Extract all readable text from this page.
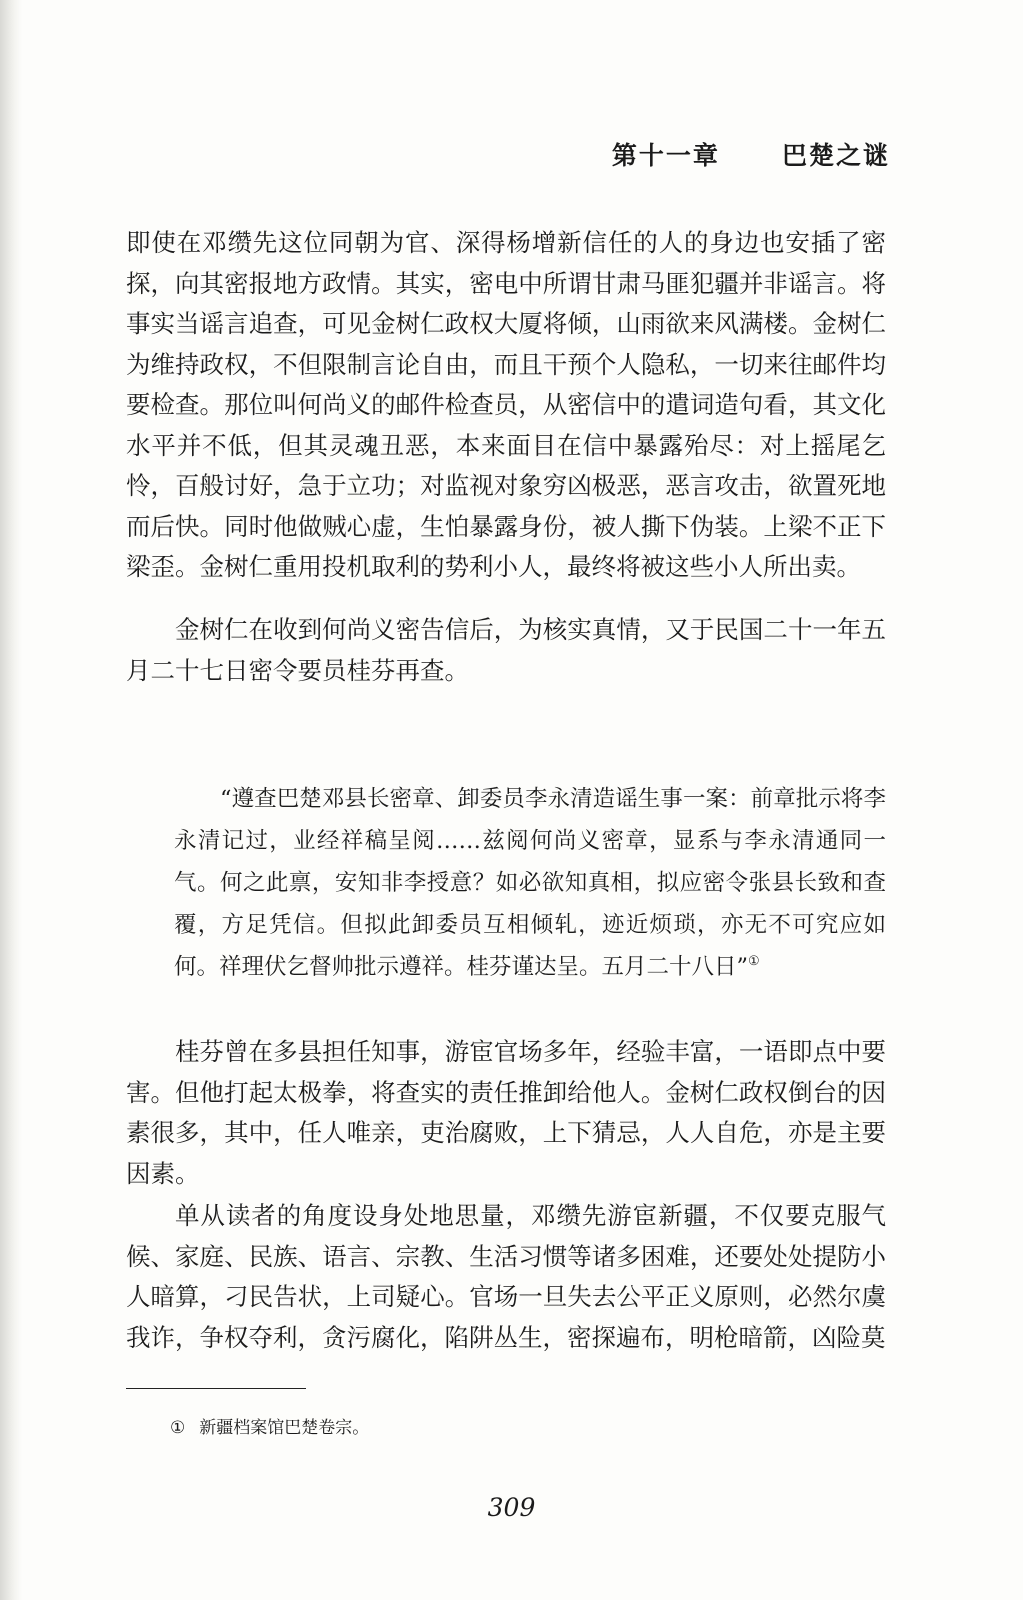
第十一章 巴楚之谜

即使在邓缵先这位同朝为官、深得杨增新信任的人的身边也安插了密探，向其密报地方政情。其实，密电中所谓甘肃马匪犯疆并非谣言。将事实当谣言追查，可见金树仁政权大厦将倾，山雨欲来风满楼。金树仁为维持政权，不但限制言论自由，而且干预个人隐私，一切来往邮件均要检查。那位叫何尚义的邮件检查员，从密信中的遣词造句看，其文化水平并不低，但其灵魂丑恶，本来面目在信中暴露殆尽：对上摇尾乞怜，百般讨好，急于立功；对监视对象穷凶极恶，恶言攻击，欲置死地而后快。同时他做贼心虚，生怕暴露身份，被人撕下伪装。上梁不正下梁歪。金树仁重用投机取利的势利小人，最终将被这些小人所出卖。

金树仁在收到何尚义密告信后，为核实真情，又于民国二十一年五月二十七日密令要员桂芬再查。

“遵查巴楚邓县长密章、卸委员李永清造谣生事一案：前章批示将李永清记过，业经祥稿呈阅……兹阅何尚义密章，显系与李永清通同一气。何之此禀，安知非李授意？如必欲知真相，拟应密令张县长致和查覆，方足凭信。但拟此卸委员互相倾轧，迹近烦琐，亦无不可究应如何。祥理伏乞督帅批示遵祥。桂芬谨达呈。五月二十八日”①

桂芬曾在多县担任知事，游宦官场多年，经验丰富，一语即点中要害。但他打起太极拳，将查实的责任推卸给他人。金树仁政权倒台的因素很多，其中，任人唯亲，吏治腐败，上下猜忌，人人自危，亦是主要因素。

单从读者的角度设身处地思量，邓缵先游宦新疆，不仅要克服气候、家庭、民族、语言、宗教、生活习惯等诸多困难，还要处处提防小人暗算，刁民告状，上司疑心。官场一旦失去公平正义原则，必然尔虞我诈，争权夺利，贪污腐化，陷阱丛生，密探遍布，明枪暗箭，凶险莫

① 新疆档案馆巴楚卷宗。
309
